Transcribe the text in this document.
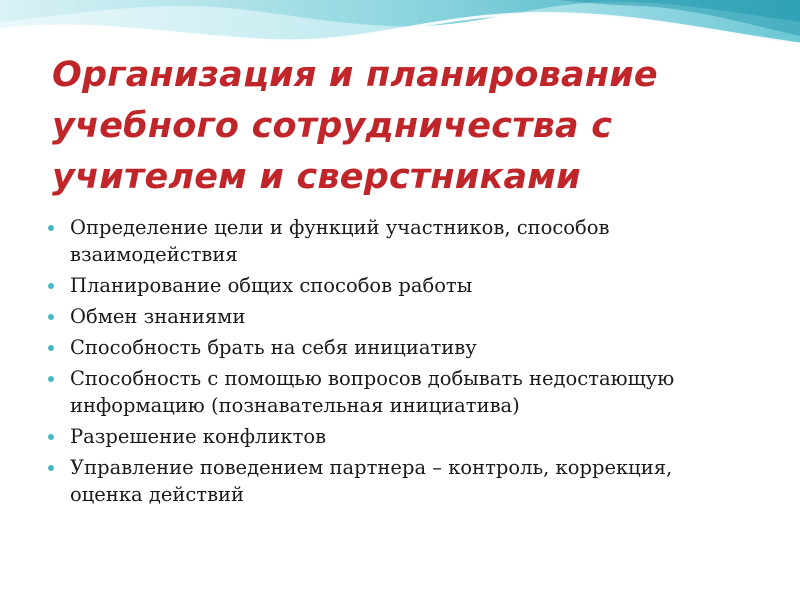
Организация и планирование учебного сотрудничества с учителем и сверстниками
Определение цели и функций участников, способов взаимодействия
Планирование общих способов работы
Обмен знаниями
Способность брать на себя инициативу
Способность с помощью вопросов добывать недостающую информацию (познавательная инициатива)
Разрешение конфликтов
Управление поведением партнера – контроль, коррекция, оценка действий
